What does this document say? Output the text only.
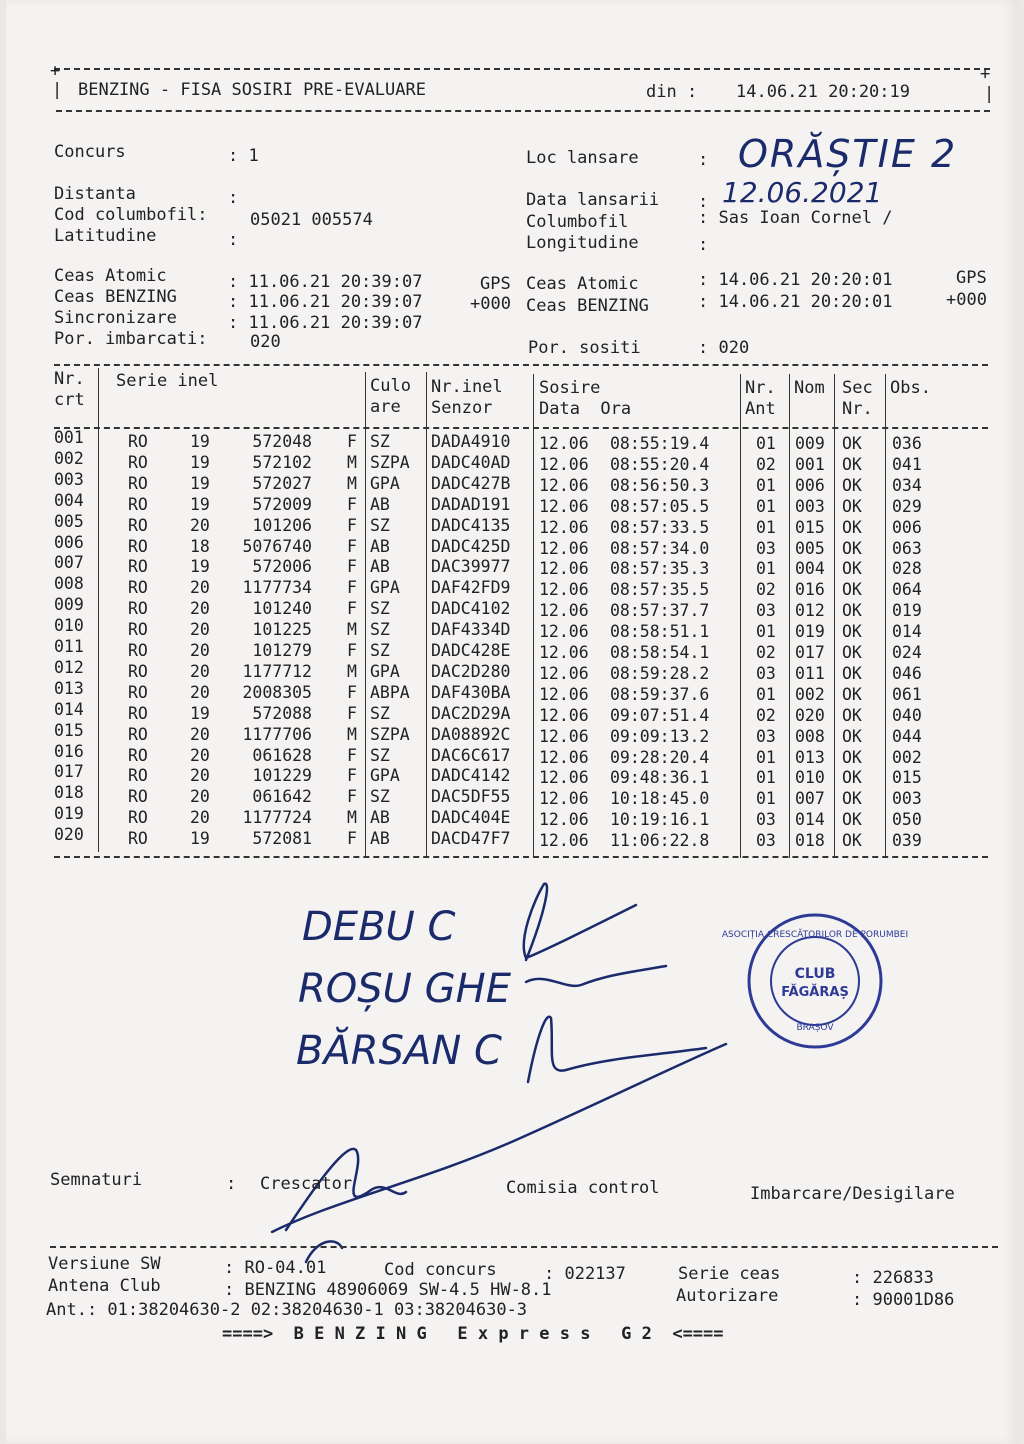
+	+
| BENZING - FISA SOSIRI PRE-EVALUARE	din : 14.06.21 20:20:19	|
Concurs	: 1
Distanta	:
Cod columbofil: 05021 005574
Latitudine	:
Loc lansare	: ORĂȘTIE 2
Data lansarii : 12.06.2021
Columbofil	: Sas Ioan Cornel /
Longitudine	:
Ceas Atomic	: 11.06.21 20:39:07	GPS
Ceas BENZING	: 11.06.21 20:39:07	+000
Sincronizare	: 11.06.21 20:39:07
Por. imbarcati: 020
Ceas Atomic	: 14.06.21 20:20:01	GPS
Ceas BENZING	: 14.06.21 20:20:01	+000
Por. sositi	: 020
Nr.
crt
Serie inel	Culo
are
Nr.inel
Senzor
Sosire
Data  Ora
Nr.
Ant
Nom Sec
Nr.
Obs.
001	RO	19	572048 F SZ DADA4910 12.06 08:55:19.4	01 009 OK 036
002	RO	19	572102 M SZPA DADC40AD 12.06 08:55:20.4	02 001 OK 041
003	RO	19	572027 M GPA DADC427B 12.06 08:56:50.3	01 006 OK 034
004	RO	19	572009 F AB DADAD191 12.06 08:57:05.5	01 003 OK 029
005	RO	20	101206 F SZ DADC4135 12.06 08:57:33.5	01 015 OK 006
006	RO	18	5076740 F AB DADC425D 12.06 08:57:34.0	03 005 OK 063
007	RO	19	572006 F AB DAC39977 12.06 08:57:35.3	01 004 OK 028
008	RO	20	1177734 F GPA DAF42FD9 12.06 08:57:35.5	02 016 OK 064
009	RO	20	101240 F SZ DADC4102 12.06 08:57:37.7	03 012 OK 019
010	RO	20	101225 M SZ DAF4334D 12.06 08:58:51.1	01 019 OK 014
011	RO	20	101279 F SZ DADC428E 12.06 08:58:54.1	02 017 OK 024
012	RO	20	1177712 M GPA DAC2D280 12.06 08:59:28.2	03 011 OK 046
013	RO	20	2008305 F ABPA DAF430BA 12.06 08:59:37.6	01 002 OK 061
014	RO	19	572088 F SZ DAC2D29A 12.06 09:07:51.4	02 020 OK 040
015	RO	20	1177706 M SZPA DA08892C 12.06 09:09:13.2	03 008 OK 044
016	RO	20	061628 F SZ DAC6C617 12.06 09:28:20.4	01 013 OK 002
017	RO	20	101229 F GPA DADC4142 12.06 09:48:36.1	01 010 OK 015
018	RO	20	061642 F SZ DAC5DF55 12.06 10:18:45.0	01 007 OK 003
019	RO	20	1177724 M AB DADC404E 12.06 10:19:16.1	03 014 OK 050
020	RO	19	572081 F AB DACD47F7 12.06 11:06:22.8	03 018 OK 039
DEBU C
ROȘU GHE
BĂRSAN C
ASOCIȚIA CRESCĂTORILOR DE PORUMBEI
CLUB
FĂGĂRAȘ
BRAȘOV
Semnaturi	: Crescator	Comisia control	Imbarcare/Desigilare
Versiune SW	: RO-04.01	Cod concurs	: 022137	Serie ceas	: 226833
Antena Club	: BENZING 48906069 SW-4.5 HW-8.1	Autorizare	: 90001D86
Ant.: 01:38204630-2 02:38204630-1 03:38204630-3
====>  B E N Z I N G   E x p r e s s   G 2  <====
